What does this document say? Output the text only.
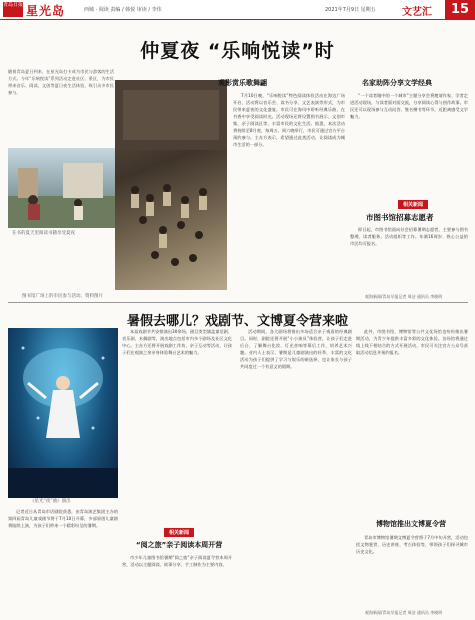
青岛日报 星光岛	西城 · 阅读 责编 / 韩悦 审读 / 李伟	2021年7月9日 星期五	文艺汇	15
仲夏夜 “乐响悦读”时
随着青岛夏日到来，在星光岛打卡成为市民与游客的生活方式。今年“乐响悦读”系列活动走进社区、景区，为市民带来音乐、阅读、文创等夏日夜生活体验，吸引众多市民参与。
在书的夏天里阅读书籍享受夏夜
图书馆广场上的市民参与活动。资料图片
观影赏乐歌舞翩
7月10日晚，“乐响悦读”特色阅读体验活动在海边广场开启，活动将以音乐会、读书分享、文艺表演等形式，为市民带来夏夜的文化盛宴。市民可在海风中聆听经典乐曲，在书香中享受阅读时光。活动现场还将设置图书展示、文创市集、亲子阅读区等，丰富市民的文化生活。据悉，本次活动将持续至8月底，每周五、周六晚举行，市民可通过官方平台预约参与。主办方表示，希望通过此类活动，让阅读成为城市生活的一部分。
名家助阵分享文学经典
“一个读者眼中的一个城市”主题分享会将邀请作家、学者走进活动现场，与读者面对面交流，分享阅读心得与创作故事。市民还可以现场参与互动问答、签名赠书等环节，近距离感受文学魅力。
相关新闻
市图书馆招募志愿者
即日起，市图书馆面向社会招募暑期志愿者，主要参与图书整理、读者服务、活动组织等工作。年满16周岁、热心公益的市民均可报名。
观海新闻/青岛早报记者 周洁 通讯员 李晓明
暑假去哪儿？戏剧节、文博夏令营来啦
《星光“夜”曲》演出
记者近日从青岛市话剧院获悉，由青岛演艺集团主办的第四届青岛儿童戏剧节将于7月10日开幕，多部原创儿童剧将陆续上演，为孩子们带来一个精彩纷呈的暑期。
本届戏剧节共安排演出30余场，剧目类型涵盖童话剧、音乐剧、木偶剧等，演出地点包括市内多个剧场及社区文化中心。主办方还将开展戏剧工作坊、亲子互动等活动，让孩子们在观演之余亲身体验舞台艺术的魅力。
相关新闻
“阅之旅”亲子阅读本周开营
市少年儿童图书馆暑期“阅之旅”亲子阅读夏令营本周开营，活动以主题阅读、故事分享、手工制作为主要内容。
活动期间，各大剧场将推出多场适合亲子观看的经典剧目。同时，剧院还将开展“小小演员”体验营，让孩子们走进后台，了解舞台化妆、灯光音响等幕后工作，培养艺术兴趣。业内人士表示，暑期是儿童剧演出的旺季，丰富的文化活动为孩子们提供了学习与娱乐的新选择，也让家长与孩子共同度过一个有意义的假期。
此外，市图书馆、博物馆等公共文化场馆也纷纷推出暑期活动，为青少年提供丰富多彩的文化体验。各场馆将通过线上线下相结合的方式开展活动，市民可关注官方公众号获取活动信息并预约报名。
博物馆推出文博夏令营
青岛市博物馆暑期文博夏令营将于7月中旬开营，活动包括文物鉴赏、历史讲座、考古体验等，带领孩子们探寻城市历史文化。
观海新闻/青岛早报记者 周洁 通讯员 李晓明
